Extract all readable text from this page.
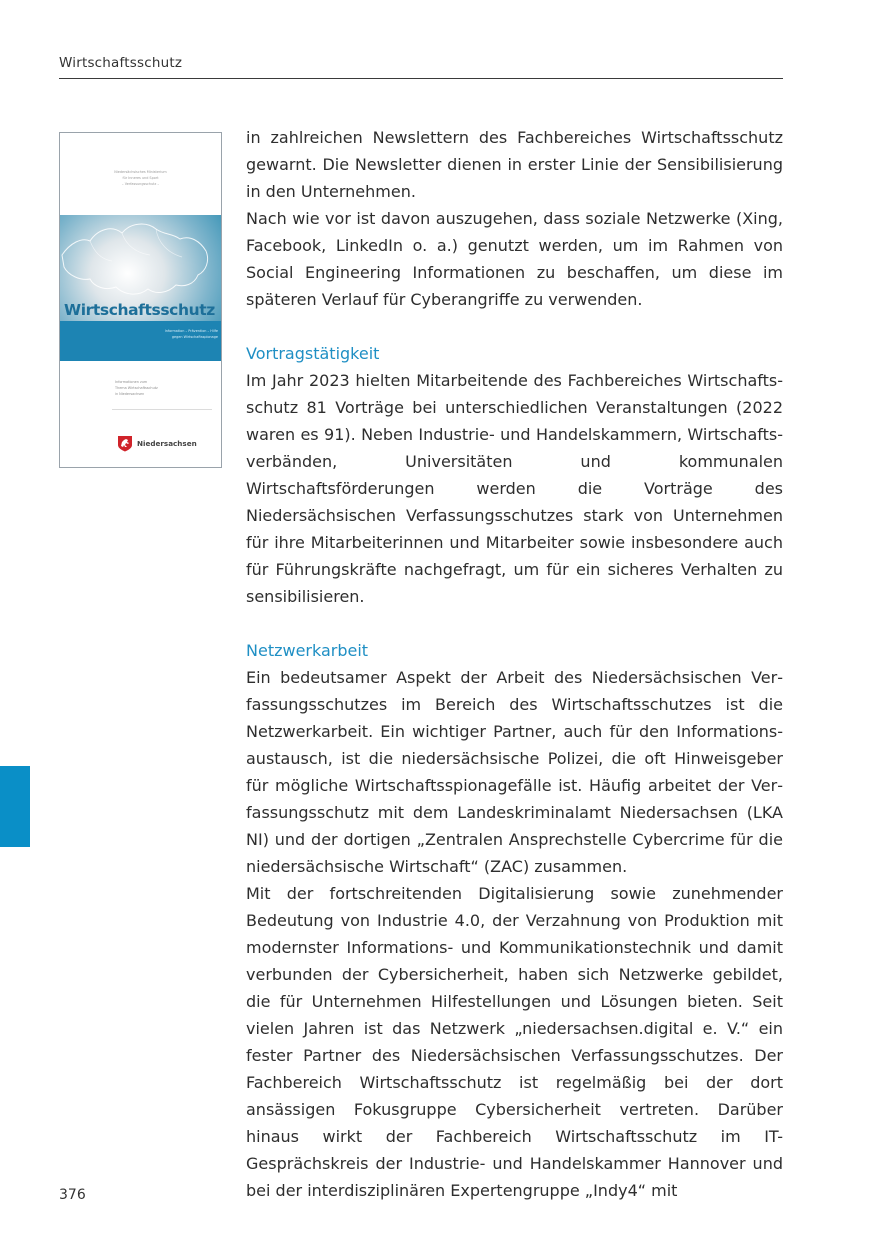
Wirtschaftsschutz
Niedersächsisches Ministerium
für Inneres und Sport
– Verfassungsschutz –
Wirtschaftsschutz
Information – Prävention – Hilfe
gegen Wirtschaftsspionage
Informationen zum
Thema Wirtschaftsschutz
in Niedersachsen
Niedersachsen

in zahlreichen Newslettern des Fachbereiches Wirtschaftsschutz gewarnt. Die Newsletter dienen in erster Linie der Sensibilisierung in den Unternehmen.

Nach wie vor ist davon auszugehen, dass soziale Netzwerke (Xing, Facebook, LinkedIn o. a.) genutzt werden, um im Rahmen von Social Engineering Informationen zu beschaffen, um diese im späteren Verlauf für Cyberangriffe zu verwenden.

Vortragstätigkeit

Im Jahr 2023 hielten Mitarbeitende des Fachbereiches Wirtschaftsschutz 81 Vorträge bei unterschiedlichen Veranstaltungen (2022 waren es 91). Neben Industrie- und Handelskammern, Wirtschaftsverbänden, Universitäten und kommunalen Wirtschaftsförderungen werden die Vorträge des Niedersächsischen Verfassungsschutzes stark von Unternehmen für ihre Mitarbeiterinnen und Mitarbeiter sowie insbesondere auch für Führungskräfte nachgefragt, um für ein sicheres Verhalten zu sensibilisieren.

Netzwerkarbeit

Ein bedeutsamer Aspekt der Arbeit des Niedersächsischen Verfassungsschutzes im Bereich des Wirtschaftsschutzes ist die Netzwerkarbeit. Ein wichtiger Partner, auch für den Informationsaustausch, ist die niedersächsische Polizei, die oft Hinweisgeber für mögliche Wirtschaftsspionagefälle ist. Häufig arbeitet der Verfassungsschutz mit dem Landeskriminalamt Niedersachsen (LKA NI) und der dortigen „Zentralen Ansprechstelle Cybercrime für die niedersächsische Wirtschaft“ (ZAC) zusammen.

Mit der fortschreitenden Digitalisierung sowie zunehmender Bedeutung von Industrie 4.0, der Verzahnung von Produktion mit modernster Informations- und Kommunikationstechnik und damit verbunden der Cybersicherheit, haben sich Netzwerke gebildet, die für Unternehmen Hilfestellungen und Lösungen bieten. Seit vielen Jahren ist das Netzwerk „niedersachsen.digital e. V.“ ein fester Partner des Niedersächsischen Verfassungsschutzes. Der Fachbereich Wirtschaftsschutz ist regelmäßig bei der dort ansässigen Fokusgruppe Cybersicherheit vertreten. Darüber hinaus wirkt der Fachbereich Wirtschaftsschutz im IT-Gesprächskreis der Industrie- und Handelskammer Hannover und bei der interdisziplinären Expertengruppe „Indy4“ mit

376
